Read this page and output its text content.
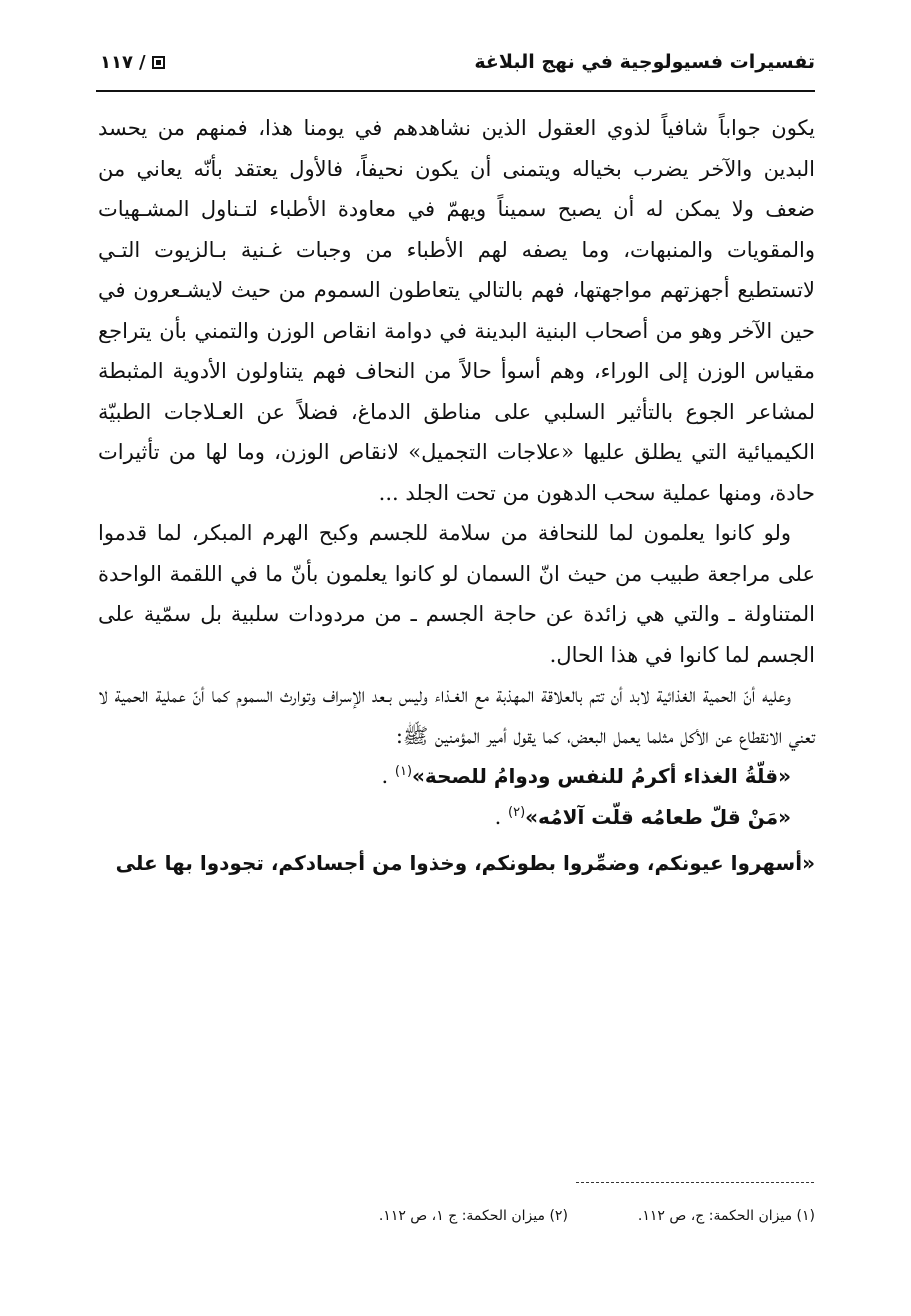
تفسيرات فسيولوجية في نهج البلاغة
١١٧ /

يكون جواباً شافياً لذوي العقول الذين نشاهدهم في يومنا هذا، فمنهم من يحسد البدين والآخر يضرب بخياله ويتمنى أن يكون نحيفاً، فالأول يعتقد بأنّه يعاني من ضعف ولا يمكن له أن يصبح سميناً ويهمّ في معاودة الأطباء لتـناول المشـهيات والمقويات والمنبهات، وما يصفه لهم الأطباء من وجبات غـنية بـالزيوت التـي لاتستطيع أجهزتهم مواجهتها، فهم بالتالي يتعاطون السموم من حيث لايشـعرون في حين الآخر وهو من أصحاب البنية البدينة في دوامة انقاص الوزن والتمني بأن يتراجع مقياس الوزن إلى الوراء، وهم أسوأ حالاً من النحاف فهم يتناولون الأدوية المثبطة لمشاعر الجوع بالتأثير السلبي على مناطق الدماغ، فضلاً عن العـلاجات الطبيّة الكيميائية التي يطلق عليها «علاجات التجميل» لانقاص الوزن، وما لها من تأثيرات حادة، ومنها عملية سحب الدهون من تحت الجلد ...

ولو كانوا يعلمون لما للنحافة من سلامة للجسم وكبح الهرم المبكر، لما قدموا على مراجعة طبيب من حيث انّ السمان لو كانوا يعلمون بأنّ ما في اللقمة الواحدة المتناولة ـ والتي هي زائدة عن حاجة الجسم ـ من مردودات سلبية بل سمّية على الجسم لما كانوا في هذا الحال.

وعليه أنّ الحمية الغذائية لابد أن تتم بالعلاقة المهذبة مع الغـذاء وليس بـعد الإسراف وتوارث السموم كما أنّ عملية الحمية لا تعني الانقطاع عن الأكل مثلما يعمل البعض، كما يقول أمير المؤمنين ﷺ:

«قلّةُ الغذاء أكرمُ للنفس ودوامُ للصحة»$^{(١)}$ .

«مَنْ قلّ طعامُه قلّت آلامُه»$^{(٢)}$ .

«أسهروا عيونكم، وضمِّروا بطونكم، وخذوا من أجسادكم، تجودوا بها على

(١) ميزان الحكمة: ج، ص ١١٢.
(٢) ميزان الحكمة: ج ١، ص ١١٢.
